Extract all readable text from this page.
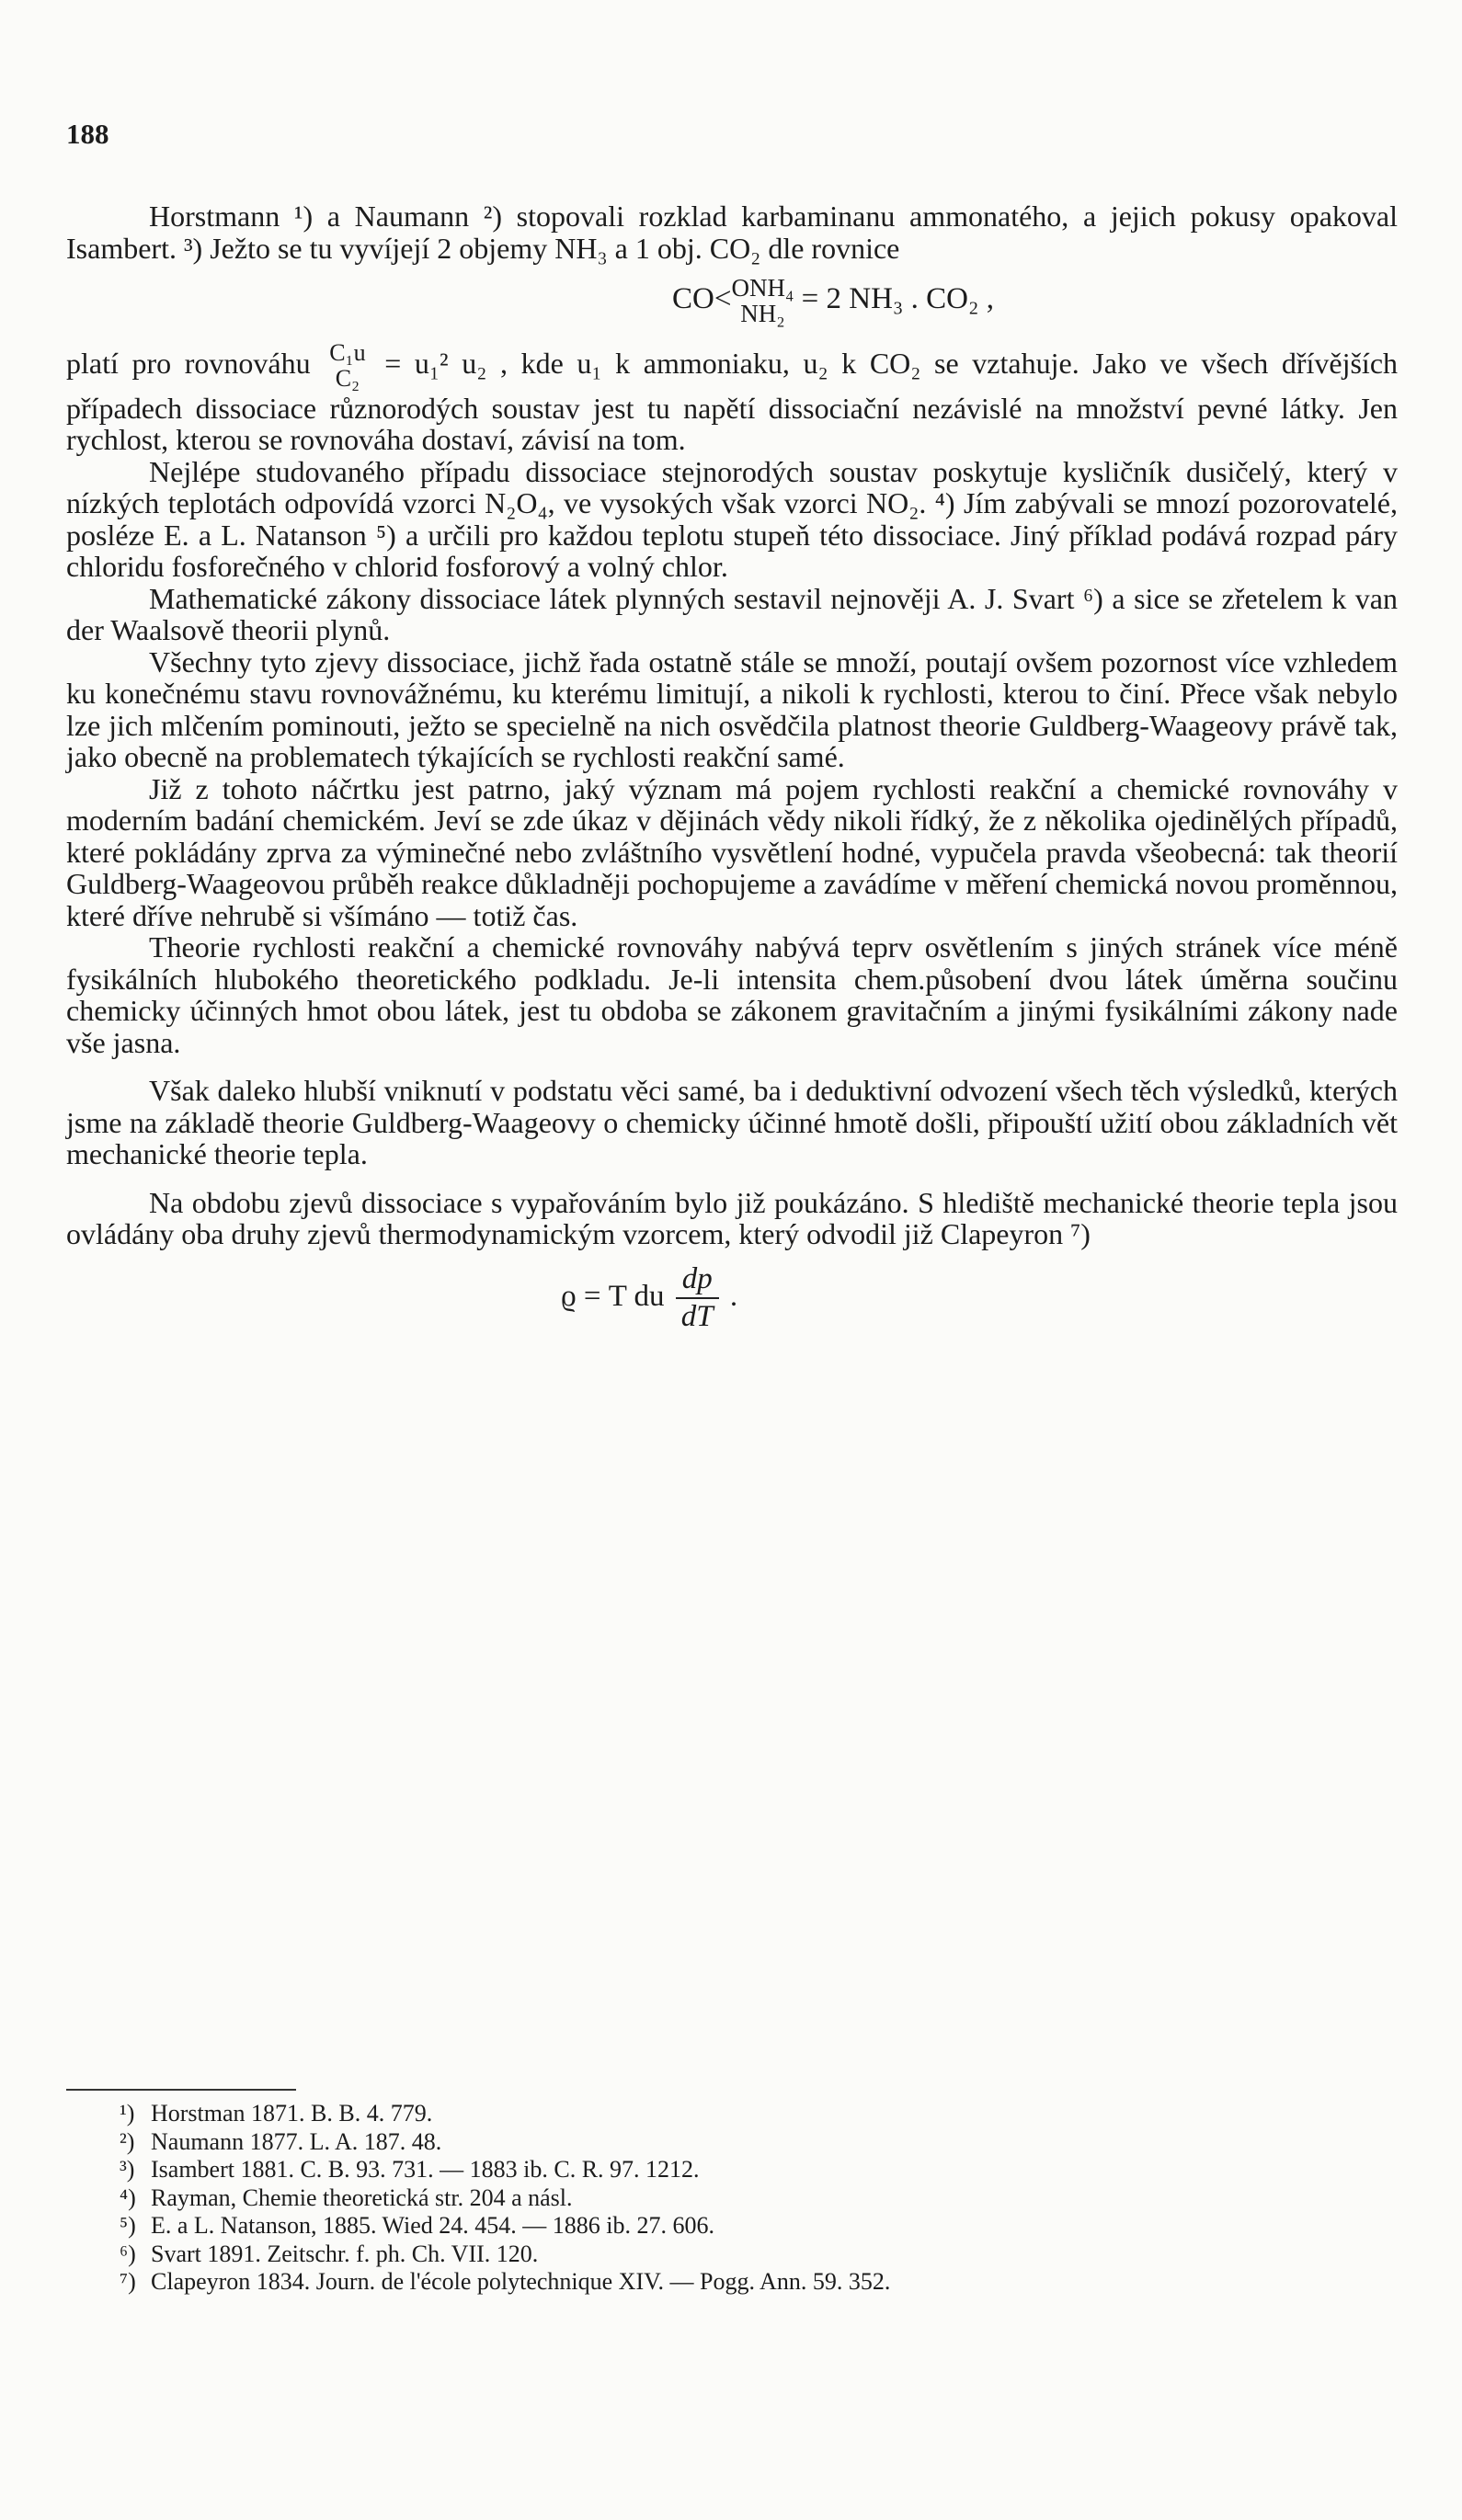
188

Horstmann ¹) a Naumann ²) stopovali rozklad karbaminanu ammonatého, a jejich pokusy opakoval Isambert. ³) Ježto se tu vyvíjejí 2 objemy NH₃ a 1 obj. CO₂ dle rovnice

CO< ONH₄
NH₂ = 2 NH₃ . CO₂ ,

platí pro rovnováhu C₁u
C₂ = u₁² u₂ , kde u₁ k ammoniaku, u₂ k CO₂ se vztahuje. Jako ve všech dřívějších případech dissociace různorodých soustav jest tu napětí dissociační nezávislé na množství pevné látky. Jen rychlost, kterou se rovnováha dostaví, závisí na tom.

Nejlépe studovaného případu dissociace stejnorodých soustav poskytuje kysličník dusičelý, který v nízkých teplotách odpovídá vzorci N₂O₄, ve vysokých však vzorci NO₂. ⁴) Jím zabývali se mnozí pozorovatelé, posléze E. a L. Natanson ⁵) a určili pro každou teplotu stupeň této dissociace. Jiný příklad podává rozpad páry chloridu fosforečného v chlorid fosforový a volný chlor.

Mathematické zákony dissociace látek plynných sestavil nejnověji A. J. Svart ⁶) a sice se zřetelem k van der Waalsově theorii plynů.

Všechny tyto zjevy dissociace, jichž řada ostatně stále se množí, poutají ovšem pozornost více vzhledem ku konečnému stavu rovnovážnému, ku kterému limitují, a nikoli k rychlosti, kterou to činí. Přece však nebylo lze jich mlčením pominouti, ježto se specielně na nich osvědčila platnost theorie Guldberg-Waageovy právě tak, jako obecně na problematech týkajících se rychlosti reakční samé.

Již z tohoto náčrtku jest patrno, jaký význam má pojem rychlosti reakční a chemické rovnováhy v moderním badání chemickém. Jeví se zde úkaz v dějinách vědy nikoli řídký, že z několika ojedinělých případů, které pokládány zprva za výminečné nebo zvláštního vysvětlení hodné, vypučela pravda všeobecná: tak theorií Guldberg-Waageovou průběh reakce důkladněji pochopujeme a zavádíme v měření chemická novou proměnnou, které dříve nehrubě si všímáno — totiž čas.

Theorie rychlosti reakční a chemické rovnováhy nabývá teprv osvětlením s jiných stránek více méně fysikálních hlubokého theoretického podkladu. Je-li intensita chem.působení dvou látek úměrna součinu chemicky účinných hmot obou látek, jest tu obdoba se zákonem gravitačním a jinými fysikálními zákony nade vše jasna.

Však daleko hlubší vniknutí v podstatu věci samé, ba i deduktivní odvození všech těch výsledků, kterých jsme na základě theorie Guldberg-Waageovy o chemicky účinné hmotě došli, připouští užití obou základních vět mechanické theorie tepla.

Na obdobu zjevů dissociace s vypařováním bylo již poukázáno. S hlediště mechanické theorie tepla jsou ovládány oba druhy zjevů thermodynamickým vzorcem, který odvodil již Clapeyron ⁷)

ϱ = T du $\frac{dp}{dT}$ .
¹) Horstman 1871. B. B. 4. 779.
²) Naumann 1877. L. A. 187. 48.
³) Isambert 1881. C. B. 93. 731. — 1883 ib. C. R. 97. 1212.
⁴) Rayman, Chemie theoretická str. 204 a násl.
⁵) E. a L. Natanson, 1885. Wied 24. 454. — 1886 ib. 27. 606.
⁶) Svart 1891. Zeitschr. f. ph. Ch. VII. 120.
⁷) Clapeyron 1834. Journ. de l'école polytechnique XIV. — Pogg. Ann. 59. 352.
